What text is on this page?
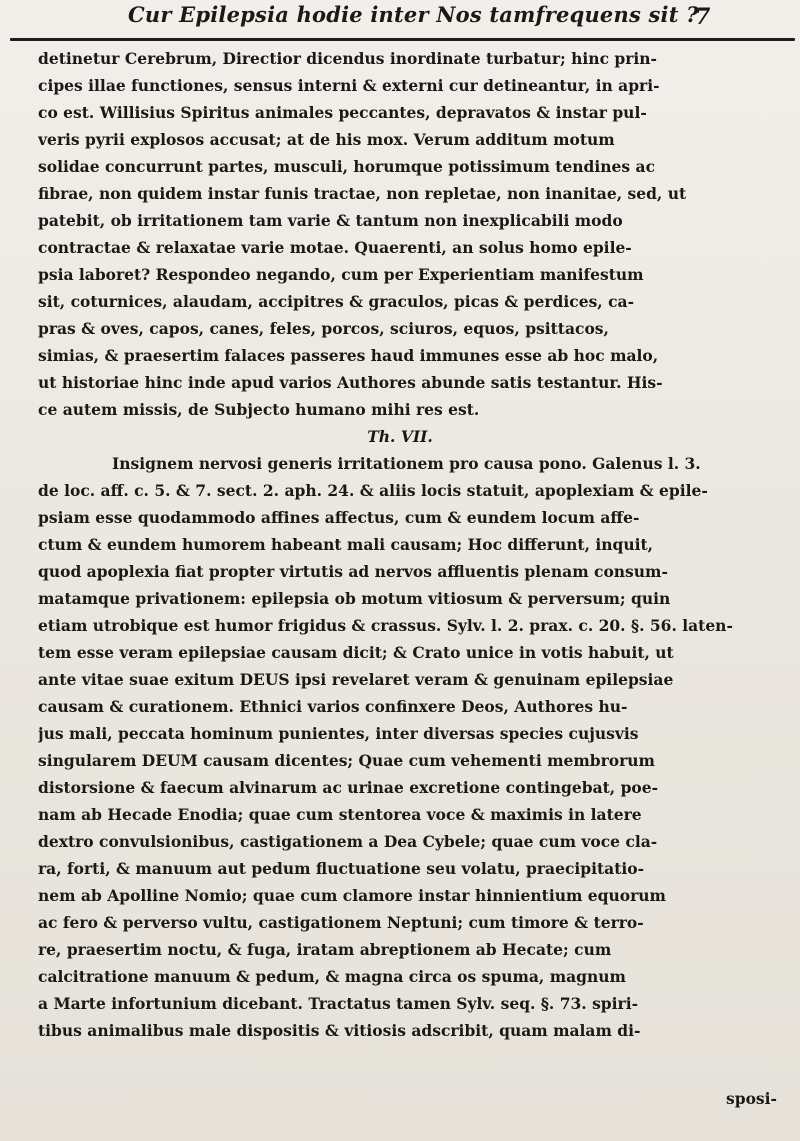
Cur Epilepsia hodie inter Nos tamfrequens sit ?
7
detinetur Cerebrum, Directior dicendus inordinate turbatur; hinc prin-
cipes illae functiones, sensus interni & externi cur detineantur, in apri-
co est. Willisius Spiritus animales peccantes, depravatos & instar pul-
veris pyrii explosos accusat; at de his mox. Verum additum motum
solidae concurrunt partes, musculi, horumque potissimum tendines ac
fibrae, non quidem instar funis tractae, non repletae, non inanitae, sed, ut
patebit, ob irritationem tam varie & tantum non inexplicabili modo
contractae & relaxatae varie motae. Quaerenti, an solus homo epile-
psia laboret? Respondeo negando, cum per Experientiam manifestum
sit, coturnices, alaudam, accipitres & graculos, picas & perdices, ca-
pras & oves, capos, canes, feles, porcos, sciuros, equos, psittacos,
simias, & praesertim falaces passeres haud immunes esse ab hoc malo,
ut historiae hinc inde apud varios Authores abunde satis testantur. His-
ce autem missis, de Subjecto humano mihi res est.
Th. VII.
Insignem nervosi generis irritationem pro causa pono. Galenus l. 3.
de loc. aff. c. 5. & 7. sect. 2. aph. 24. & aliis locis statuit, apoplexiam & epile-
psiam esse quodammodo affines affectus, cum & eundem locum affe-
ctum & eundem humorem habeant mali causam; Hoc differunt, inquit,
quod apoplexia fiat propter virtutis ad nervos affluentis plenam consum-
matamque privationem: epilepsia ob motum vitiosum & perversum; quin
etiam utrobique est humor frigidus & crassus. Sylv. l. 2. prax. c. 20. §. 56. laten-
tem esse veram epilepsiae causam dicit; & Crato unice in votis habuit, ut
ante vitae suae exitum DEUS ipsi revelaret veram & genuinam epilepsiae
causam & curationem. Ethnici varios confinxere Deos, Authores hu-
jus mali, peccata hominum punientes, inter diversas species cujusvis
singularem DEUM causam dicentes; Quae cum vehementi membrorum
distorsione & faecum alvinarum ac urinae excretione contingebat, poe-
nam ab Hecade Enodia; quae cum stentorea voce & maximis in latere
dextro convulsionibus, castigationem a Dea Cybele; quae cum voce cla-
ra, forti, & manuum aut pedum fluctuatione seu volatu, praecipitatio-
nem ab Apolline Nomio; quae cum clamore instar hinnientium equorum
ac fero & perverso vultu, castigationem Neptuni; cum timore & terro-
re, praesertim noctu, & fuga, iratam abreptionem ab Hecate; cum
calcitratione manuum & pedum, & magna circa os spuma, magnum
a Marte infortunium dicebant. Tractatus tamen Sylv. seq. §. 73. spiri-
tibus animalibus male dispositis & vitiosis adscribit, quam malam di-
sposi-
